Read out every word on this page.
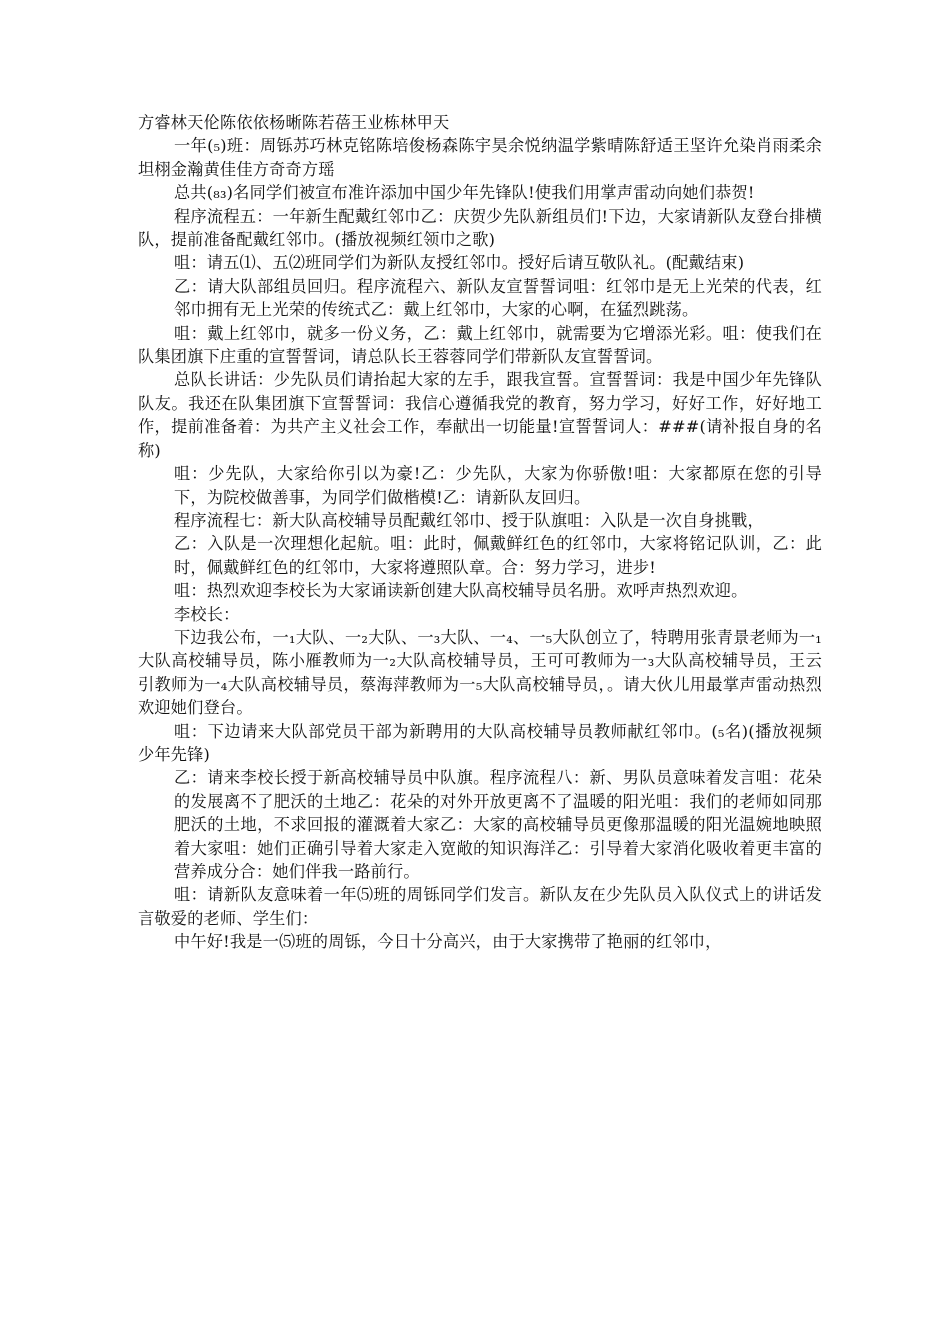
方睿林天伦陈依依杨晰陈若蓓王业栋林甲天

一年(₅)班：周铄苏巧林克铭陈培俊杨森陈宇昊余悦纳温学紫晴陈舒适王坚许允染肖雨柔余坦栩金瀚黄佳佳方奇奇方瑶

总共(₈₃)名同学们被宣布准许添加中国少年先锋队!使我们用掌声雷动向她们恭贺!

程序流程五：一年新生配戴红邻巾乙：庆贺少先队新组员们!下边，大家请新队友登台排横队，提前准备配戴红邻巾。(播放视频红领巾之歌)

咀：请五⑴、五⑵班同学们为新队友授红邻巾。授好后请互敬队礼。(配戴结束)

乙：请大队部组员回归。程序流程六、新队友宣誓誓词咀：红邻巾是无上光荣的代表，红邻巾拥有无上光荣的传统式乙：戴上红邻巾，大家的心啊，在猛烈跳荡。

咀：戴上红邻巾，就多一份义务，乙：戴上红邻巾，就需要为它增添光彩。咀：使我们在队集团旗下庄重的宣誓誓词，请总队长王蓉蓉同学们带新队友宣誓誓词。

总队长讲话：少先队员们请抬起大家的左手，跟我宣誓。宣誓誓词：我是中国少年先锋队队友。我还在队集团旗下宣誓誓词：我信心遵循我党的教育，努力学习，好好工作，好好地工作，提前准备着：为共产主义社会工作，奉献出一切能量!宣誓誓词人：###(请补报自身的名称)

咀：少先队，大家给你引以为豪!乙：少先队，大家为你骄傲!咀：大家都原在您的引导下，为院校做善事，为同学们做楷模!乙：请新队友回归。

程序流程七：新大队高校辅导员配戴红邻巾、授于队旗咀：入队是一次自身挑戰，

乙：入队是一次理想化起航。咀：此时，佩戴鲜红色的红邻巾，大家将铭记队训，乙：此时，佩戴鲜红色的红邻巾，大家将遵照队章。合：努力学习，进步!

咀：热烈欢迎李校长为大家诵读新创建大队高校辅导员名册。欢呼声热烈欢迎。

李校长：

下边我公布，一₁大队、一₂大队、一₃大队、一₄、一₅大队创立了，特聘用张青景老师为一₁大队高校辅导员，陈小雁教师为一₂大队高校辅导员，王可可教师为一₃大队高校辅导员，王云引教师为一₄大队高校辅导员，蔡海萍教师为一₅大队高校辅导员，。请大伙儿用最掌声雷动热烈欢迎她们登台。

咀：下边请来大队部党员干部为新聘用的大队高校辅导员教师献红邻巾。(₅名)(播放视频少年先锋)

乙：请来李校长授于新高校辅导员中队旗。程序流程八：新、男队员意味着发言咀：花朵的发展离不了肥沃的土地乙：花朵的对外开放更离不了温暖的阳光咀：我们的老师如同那肥沃的土地，不求回报的灌溉着大家乙：大家的高校辅导员更像那温暖的阳光温婉地映照着大家咀：她们正确引导着大家走入宽敞的知识海洋乙：引导着大家消化吸收着更丰富的营养成分合：她们伴我一路前行。

咀：请新队友意味着一年⑸班的周铄同学们发言。新队友在少先队员入队仪式上的讲话发言敬爱的老师、学生们：

中午好!我是一⑸班的周铄，今日十分高兴，由于大家携带了艳丽的红邻巾，
